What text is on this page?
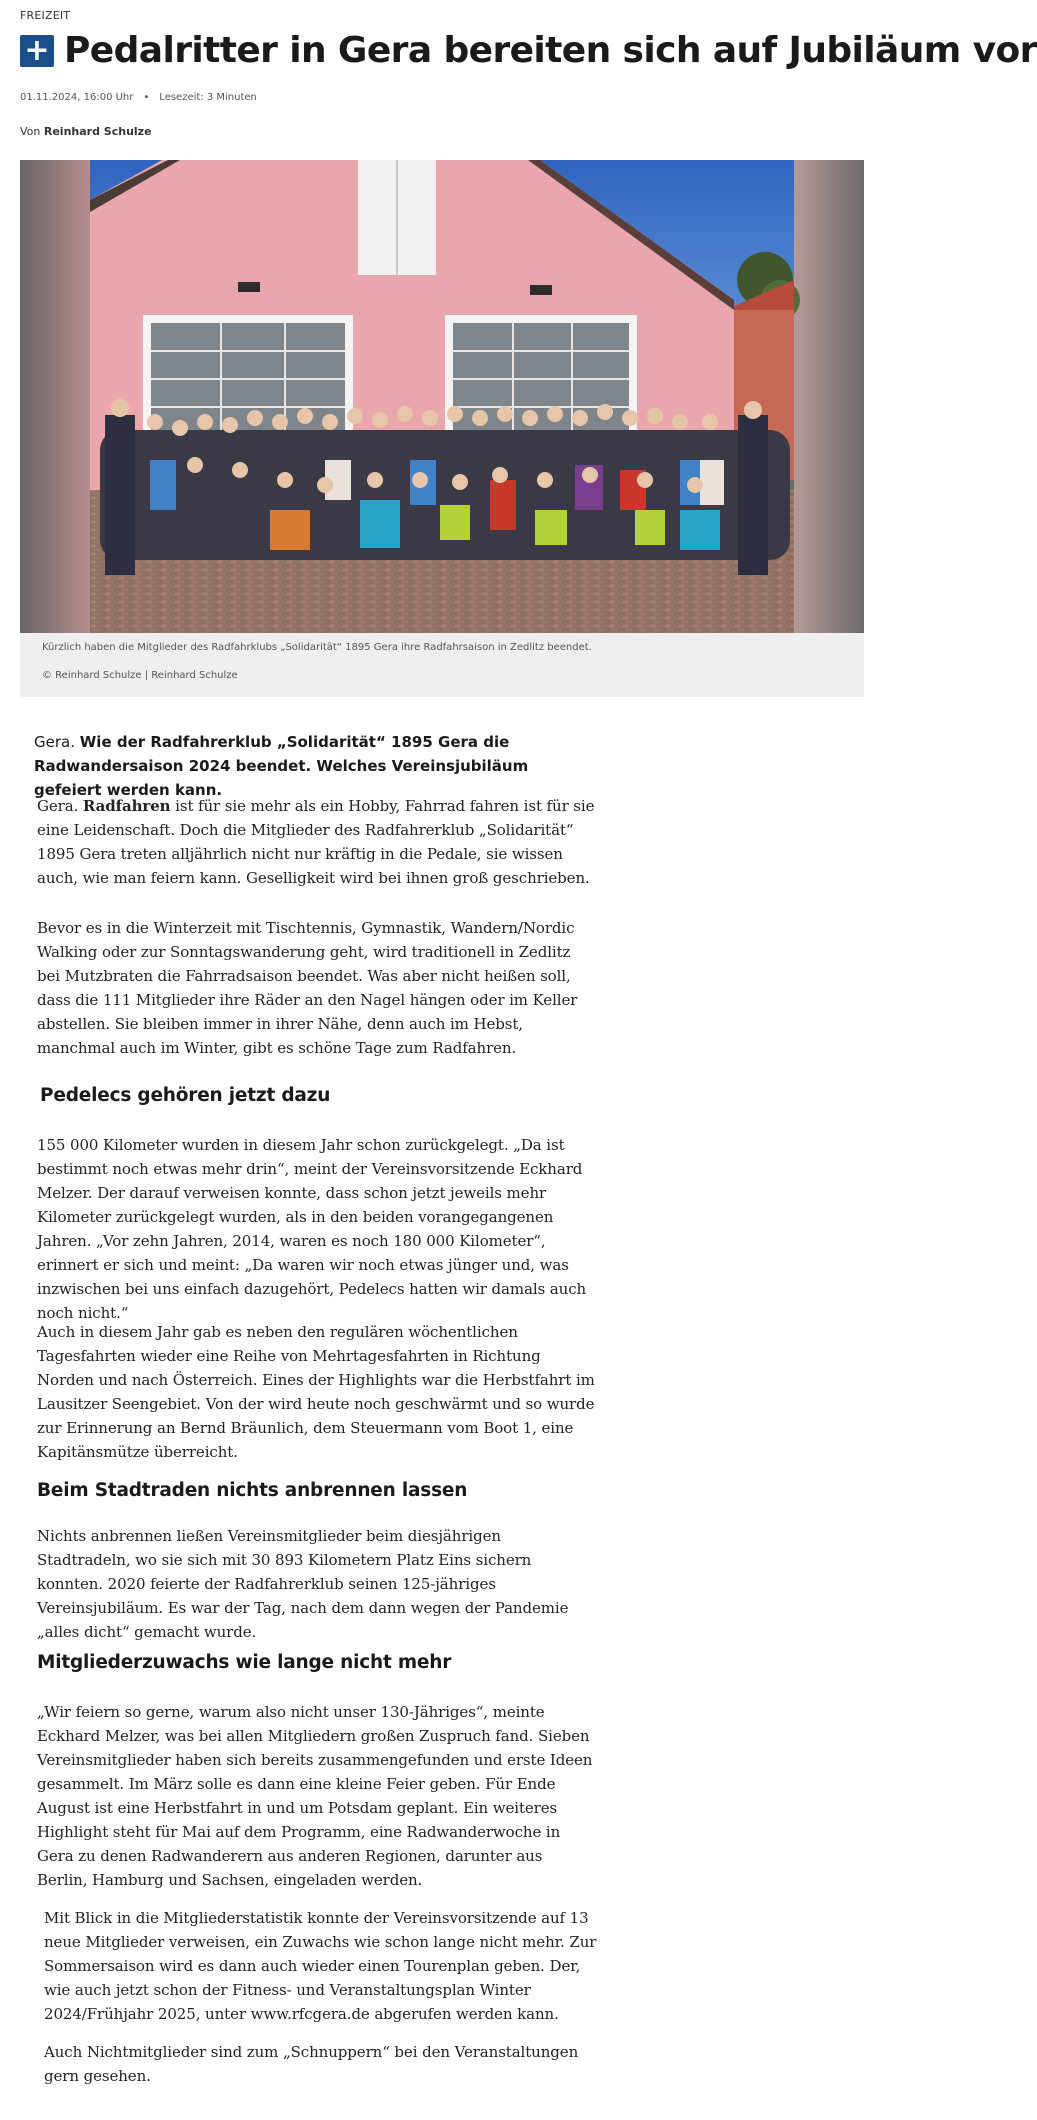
FREIZEIT
+ Pedalritter in Gera bereiten sich auf Jubiläum vor
01.11.2024, 16:00 Uhr • Lesezeit: 3 Minuten
Von Reinhard Schulze
Kürzlich haben die Mitglieder des Radfahrklubs „Solidarität“ 1895 Gera ihre Radfahrsaison in Zedlitz beendet.
© Reinhard Schulze | Reinhard Schulze
Gera. Wie der Radfahrerklub „Solidarität“ 1895 Gera die Radwandersaison 2024 beendet. Welches Vereinsjubiläum gefeiert werden kann.
Gera. Radfahren ist für sie mehr als ein Hobby, Fahrrad fahren ist für sie eine Leidenschaft. Doch die Mitglieder des Radfahrerklub „Solidarität“ 1895 Gera treten alljährlich nicht nur kräftig in die Pedale, sie wissen auch, wie man feiern kann. Geselligkeit wird bei ihnen groß geschrieben.
Bevor es in die Winterzeit mit Tischtennis, Gymnastik, Wandern/Nordic Walking oder zur Sonntagswanderung geht, wird traditionell in Zedlitz bei Mutzbraten die Fahrradsaison beendet. Was aber nicht heißen soll, dass die 111 Mitglieder ihre Räder an den Nagel hängen oder im Keller abstellen. Sie bleiben immer in ihrer Nähe, denn auch im Hebst, manchmal auch im Winter, gibt es schöne Tage zum Radfahren.
Pedelecs gehören jetzt dazu
155 000 Kilometer wurden in diesem Jahr schon zurückgelegt. „Da ist bestimmt noch etwas mehr drin“, meint der Vereinsvorsitzende Eckhard Melzer. Der darauf verweisen konnte, dass schon jetzt jeweils mehr Kilometer zurückgelegt wurden, als in den beiden vorangegangenen Jahren. „Vor zehn Jahren, 2014, waren es noch 180 000 Kilometer“, erinnert er sich und meint: „Da waren wir noch etwas jünger und, was inzwischen bei uns einfach dazugehört, Pedelecs hatten wir damals auch noch nicht.“
Auch in diesem Jahr gab es neben den regulären wöchentlichen Tagesfahrten wieder eine Reihe von Mehrtagesfahrten in Richtung Norden und nach Österreich. Eines der Highlights war die Herbstfahrt im Lausitzer Seengebiet. Von der wird heute noch geschwärmt und so wurde zur Erinnerung an Bernd Bräunlich, dem Steuermann vom Boot 1, eine Kapitänsmütze überreicht.
Beim Stadtraden nichts anbrennen lassen
Nichts anbrennen ließen Vereinsmitglieder beim diesjährigen Stadtradeln, wo sie sich mit 30 893 Kilometern Platz Eins sichern konnten. 2020 feierte der Radfahrerklub seinen 125-jähriges Vereinsjubiläum. Es war der Tag, nach dem dann wegen der Pandemie „alles dicht“ gemacht wurde.
Mitgliederzuwachs wie lange nicht mehr
„Wir feiern so gerne, warum also nicht unser 130-Jähriges“, meinte Eckhard Melzer, was bei allen Mitgliedern großen Zuspruch fand. Sieben Vereinsmitglieder haben sich bereits zusammengefunden und erste Ideen gesammelt. Im März solle es dann eine kleine Feier geben. Für Ende August ist eine Herbstfahrt in und um Potsdam geplant. Ein weiteres Highlight steht für Mai auf dem Programm, eine Radwanderwoche in Gera zu denen Radwanderern aus anderen Regionen, darunter aus Berlin, Hamburg und Sachsen, eingeladen werden.
Mit Blick in die Mitgliederstatistik konnte der Vereinsvorsitzende auf 13 neue Mitglieder verweisen, ein Zuwachs wie schon lange nicht mehr. Zur Sommersaison wird es dann auch wieder einen Tourenplan geben. Der, wie auch jetzt schon der Fitness- und Veranstaltungsplan Winter 2024/Frühjahr 2025, unter www.rfcgera.de abgerufen werden kann.
Auch Nichtmitglieder sind zum „Schnuppern“ bei den Veranstaltungen gern gesehen.
